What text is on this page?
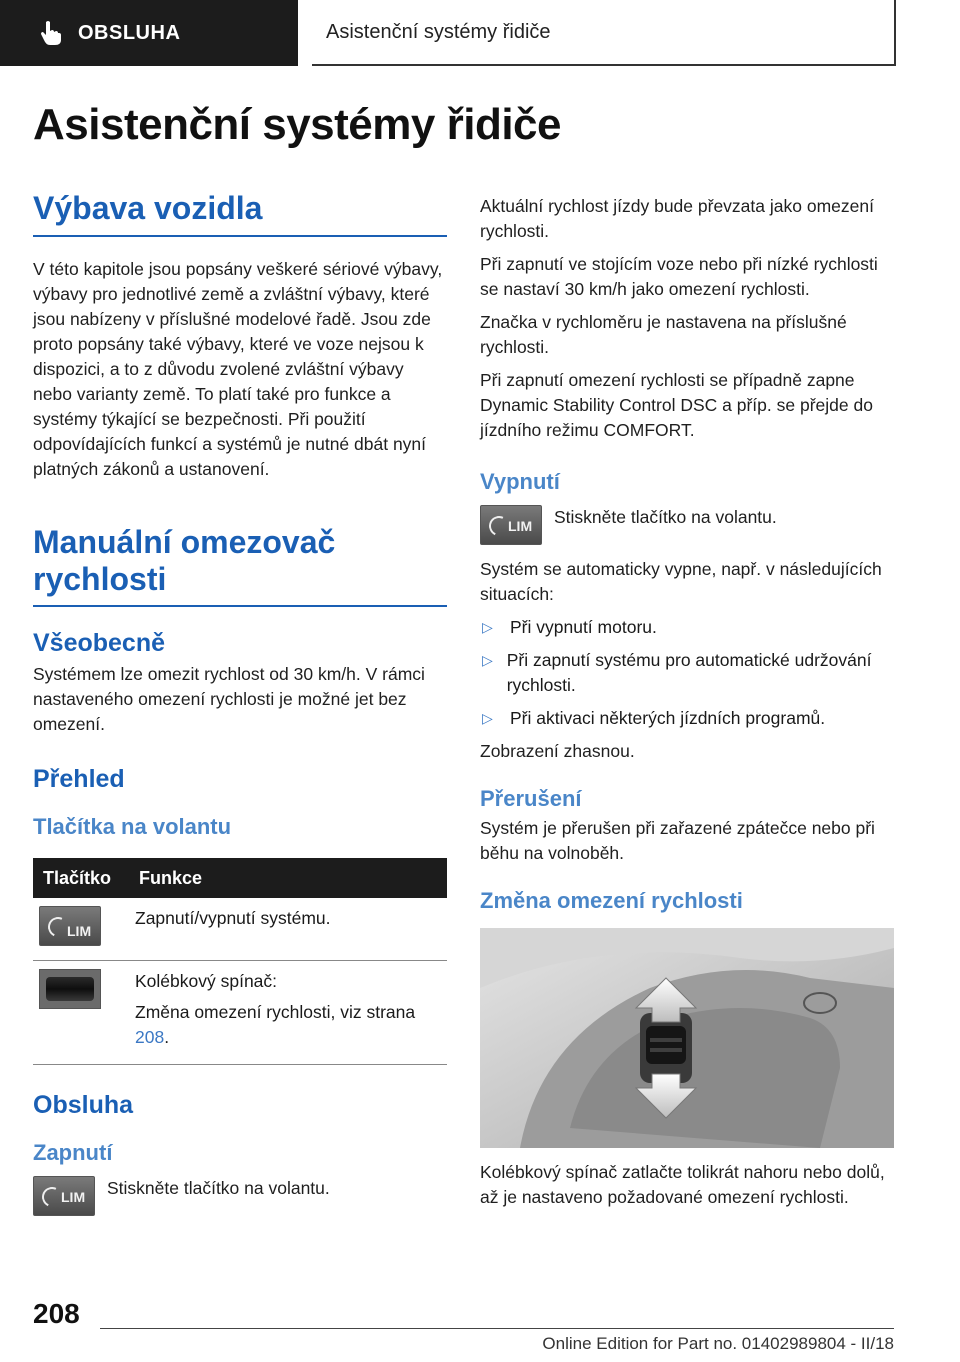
OBSLUHA	Asistenční systémy řidiče
Asistenční systémy řidiče
Výbava vozidla

V této kapitole jsou popsány veškeré sériové výbavy, výbavy pro jednotlivé země a zvláštní výbavy, které jsou nabízeny v příslušné modelové řadě. Jsou zde proto popsány také výbavy, které ve voze nejsou k dispozici, a to z důvodu zvolené zvláštní výbavy nebo varianty země. To platí také pro funkce a systémy týkající se bezpečnosti. Při použití odpovídajících funkcí a systémů je nutné dbát nyní platných zákonů a ustanovení.

Manuální omezovač rychlosti
Všeobecně

Systémem lze omezit rychlost od 30 km/h. V rámci nastaveného omezení rychlosti je možné jet bez omezení.

Přehled
Tlačítka na volantu
Tlačítko	Funkce

LIM	Zapnutí/vypnutí systému.

	Kolébkový spínač:
Změna omezení rychlosti, viz strana 208.
Obsluha
Zapnutí
LIM Stiskněte tlačítko na volantu.

Aktuální rychlost jízdy bude převzata jako omezení rychlosti.

Při zapnutí ve stojícím voze nebo při nízké rychlosti se nastaví 30 km/h jako omezení rychlosti.

Značka v rychloměru je nastavena na příslušné rychlosti.

Při zapnutí omezení rychlosti se případně zapne Dynamic Stability Control DSC a příp. se přejde do jízdního režimu COMFORT.

Vypnutí
LIM Stiskněte tlačítko na volantu.

Systém se automaticky vypne, např. v následujících situacích:

▷ Při vypnutí motoru.
▷ Při zapnutí systému pro automatické udržování rychlosti.
▷ Při aktivaci některých jízdních programů.

Zobrazení zhasnou.

Přerušení

Systém je přerušen při zařazené zpátečce nebo při běhu na volnoběh.

Změna omezení rychlosti

Kolébkový spínač zatlačte tolikrát nahoru nebo dolů, až je nastaveno požadované omezení rychlosti.

208
Online Edition for Part no. 01402989804 - II/18
